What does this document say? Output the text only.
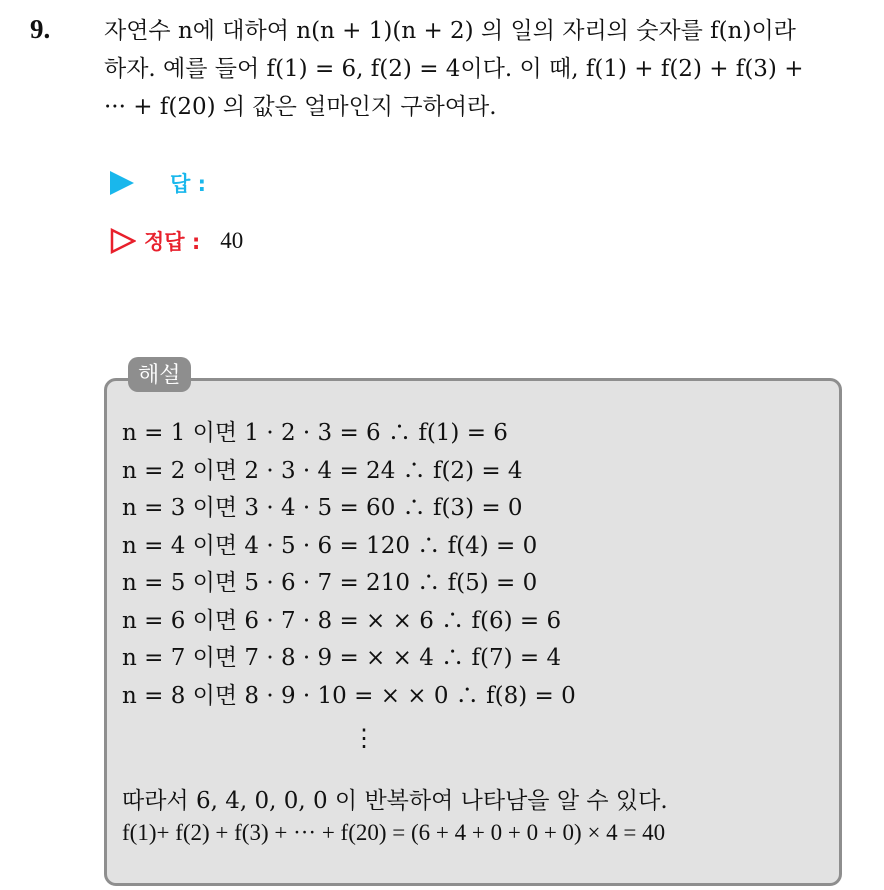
9. 자연수 n에 대하여 n(n + 1)(n + 2) 의 일의 자리의 숫자를 f(n)이라
하자. 예를 들어 f(1) = 6, f(2) = 4이다. 이 때, f(1) + f(2) + f(3) +
··· + f(20) 의 값은 얼마인지 구하여라.
답 :
정답 : 40
해설
n = 1 이면 1 · 2 · 3 = 6 ∴ f(1) = 6
n = 2 이면 2 · 3 · 4 = 24 ∴ f(2) = 4
n = 3 이면 3 · 4 · 5 = 60 ∴ f(3) = 0
n = 4 이면 4 · 5 · 6 = 120 ∴ f(4) = 0
n = 5 이면 5 · 6 · 7 = 210 ∴ f(5) = 0
n = 6 이면 6 · 7 · 8 = × × 6 ∴ f(6) = 6
n = 7 이면 7 · 8 · 9 = × × 4 ∴ f(7) = 4
n = 8 이면 8 · 9 · 10 = × × 0 ∴ f(8) = 0
⋮
따라서 6, 4, 0, 0, 0 이 반복하여 나타남을 알 수 있다.
f(1)+ f(2) + f(3) + ··· + f(20) = (6 + 4 + 0 + 0 + 0) × 4 = 40
